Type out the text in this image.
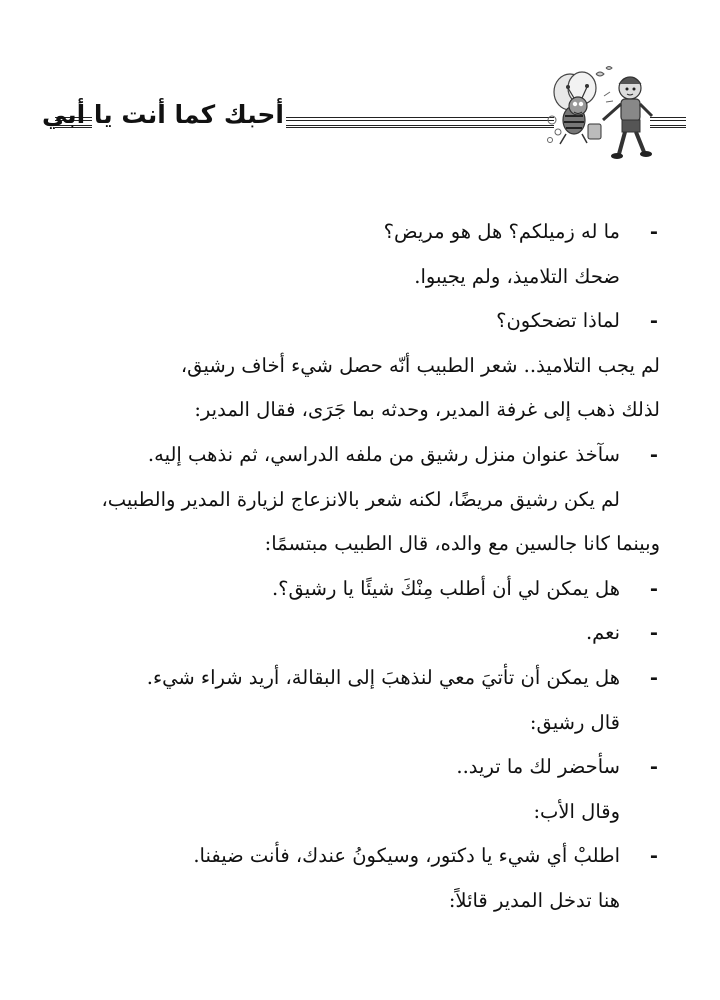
أحبك كما أنت يا أبي
-
ما له زميلكم؟ هل هو مريض؟
ضحك التلاميذ، ولم يجيبوا.
-
لماذا تضحكون؟
لم يجب التلاميذ.. شعر الطبيب أنّه حصل شيء أخاف رشيق،
لذلك ذهب إلى غرفة المدير، وحدثه بما جَرَى، فقال المدير:
-
سآخذ عنوان منزل رشيق من ملفه الدراسي، ثم نذهب إليه.
لم يكن رشيق مريضًا، لكنه شعر بالانزعاج لزيارة المدير والطبيب،
وبينما كانا جالسين مع والده، قال الطبيب مبتسمًا:
-
هل يمكن لي أن أطلب مِنْكَ شيئًا يا رشيق؟.
-
نعم.
-
هل يمكن أن تأتيَ معي لنذهبَ إلى البقالة، أريد شراء شيء.
قال رشيق:
-
سأحضر لك ما تريد..
وقال الأب:
-
اطلبْ أي شيء يا دكتور، وسيكونُ عندك، فأنت ضيفنا.
هنا تدخل المدير قائلاً:
